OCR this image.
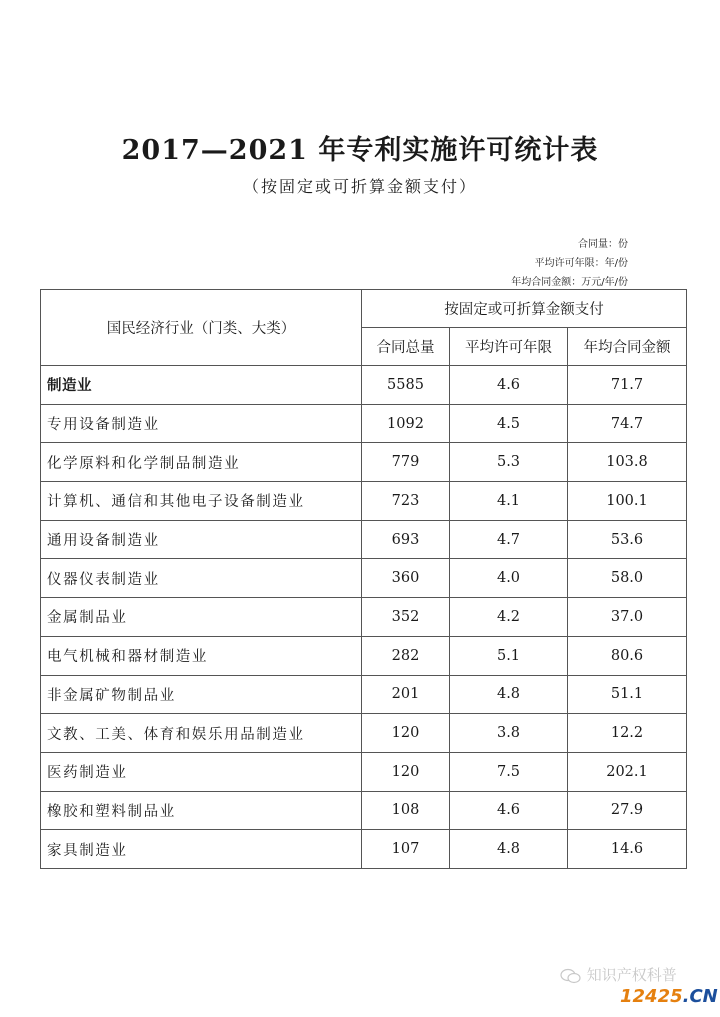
2017—2021 年专利实施许可统计表
（按固定或可折算金额支付）
合同量：份
平均许可年限：年/份
年均合同金额：万元/年/份
国民经济行业（门类、大类）	按固定或可折算金额支付		
	合同总量	平均许可年限	年均合同金额
制造业	5585	4.6	71.7
专用设备制造业	1092	4.5	74.7
化学原料和化学制品制造业	779	5.3	103.8
计算机、通信和其他电子设备制造业	723	4.1	100.1
通用设备制造业	693	4.7	53.6
仪器仪表制造业	360	4.0	58.0
金属制品业	352	4.2	37.0
电气机械和器材制造业	282	5.1	80.6
非金属矿物制品业	201	4.8	51.1
文教、工美、体育和娱乐用品制造业	120	3.8	12.2
医药制造业	120	7.5	202.1
橡胶和塑料制品业	108	4.6	27.9
家具制造业	107	4.8	14.6
知识产权科普
12425.CN
